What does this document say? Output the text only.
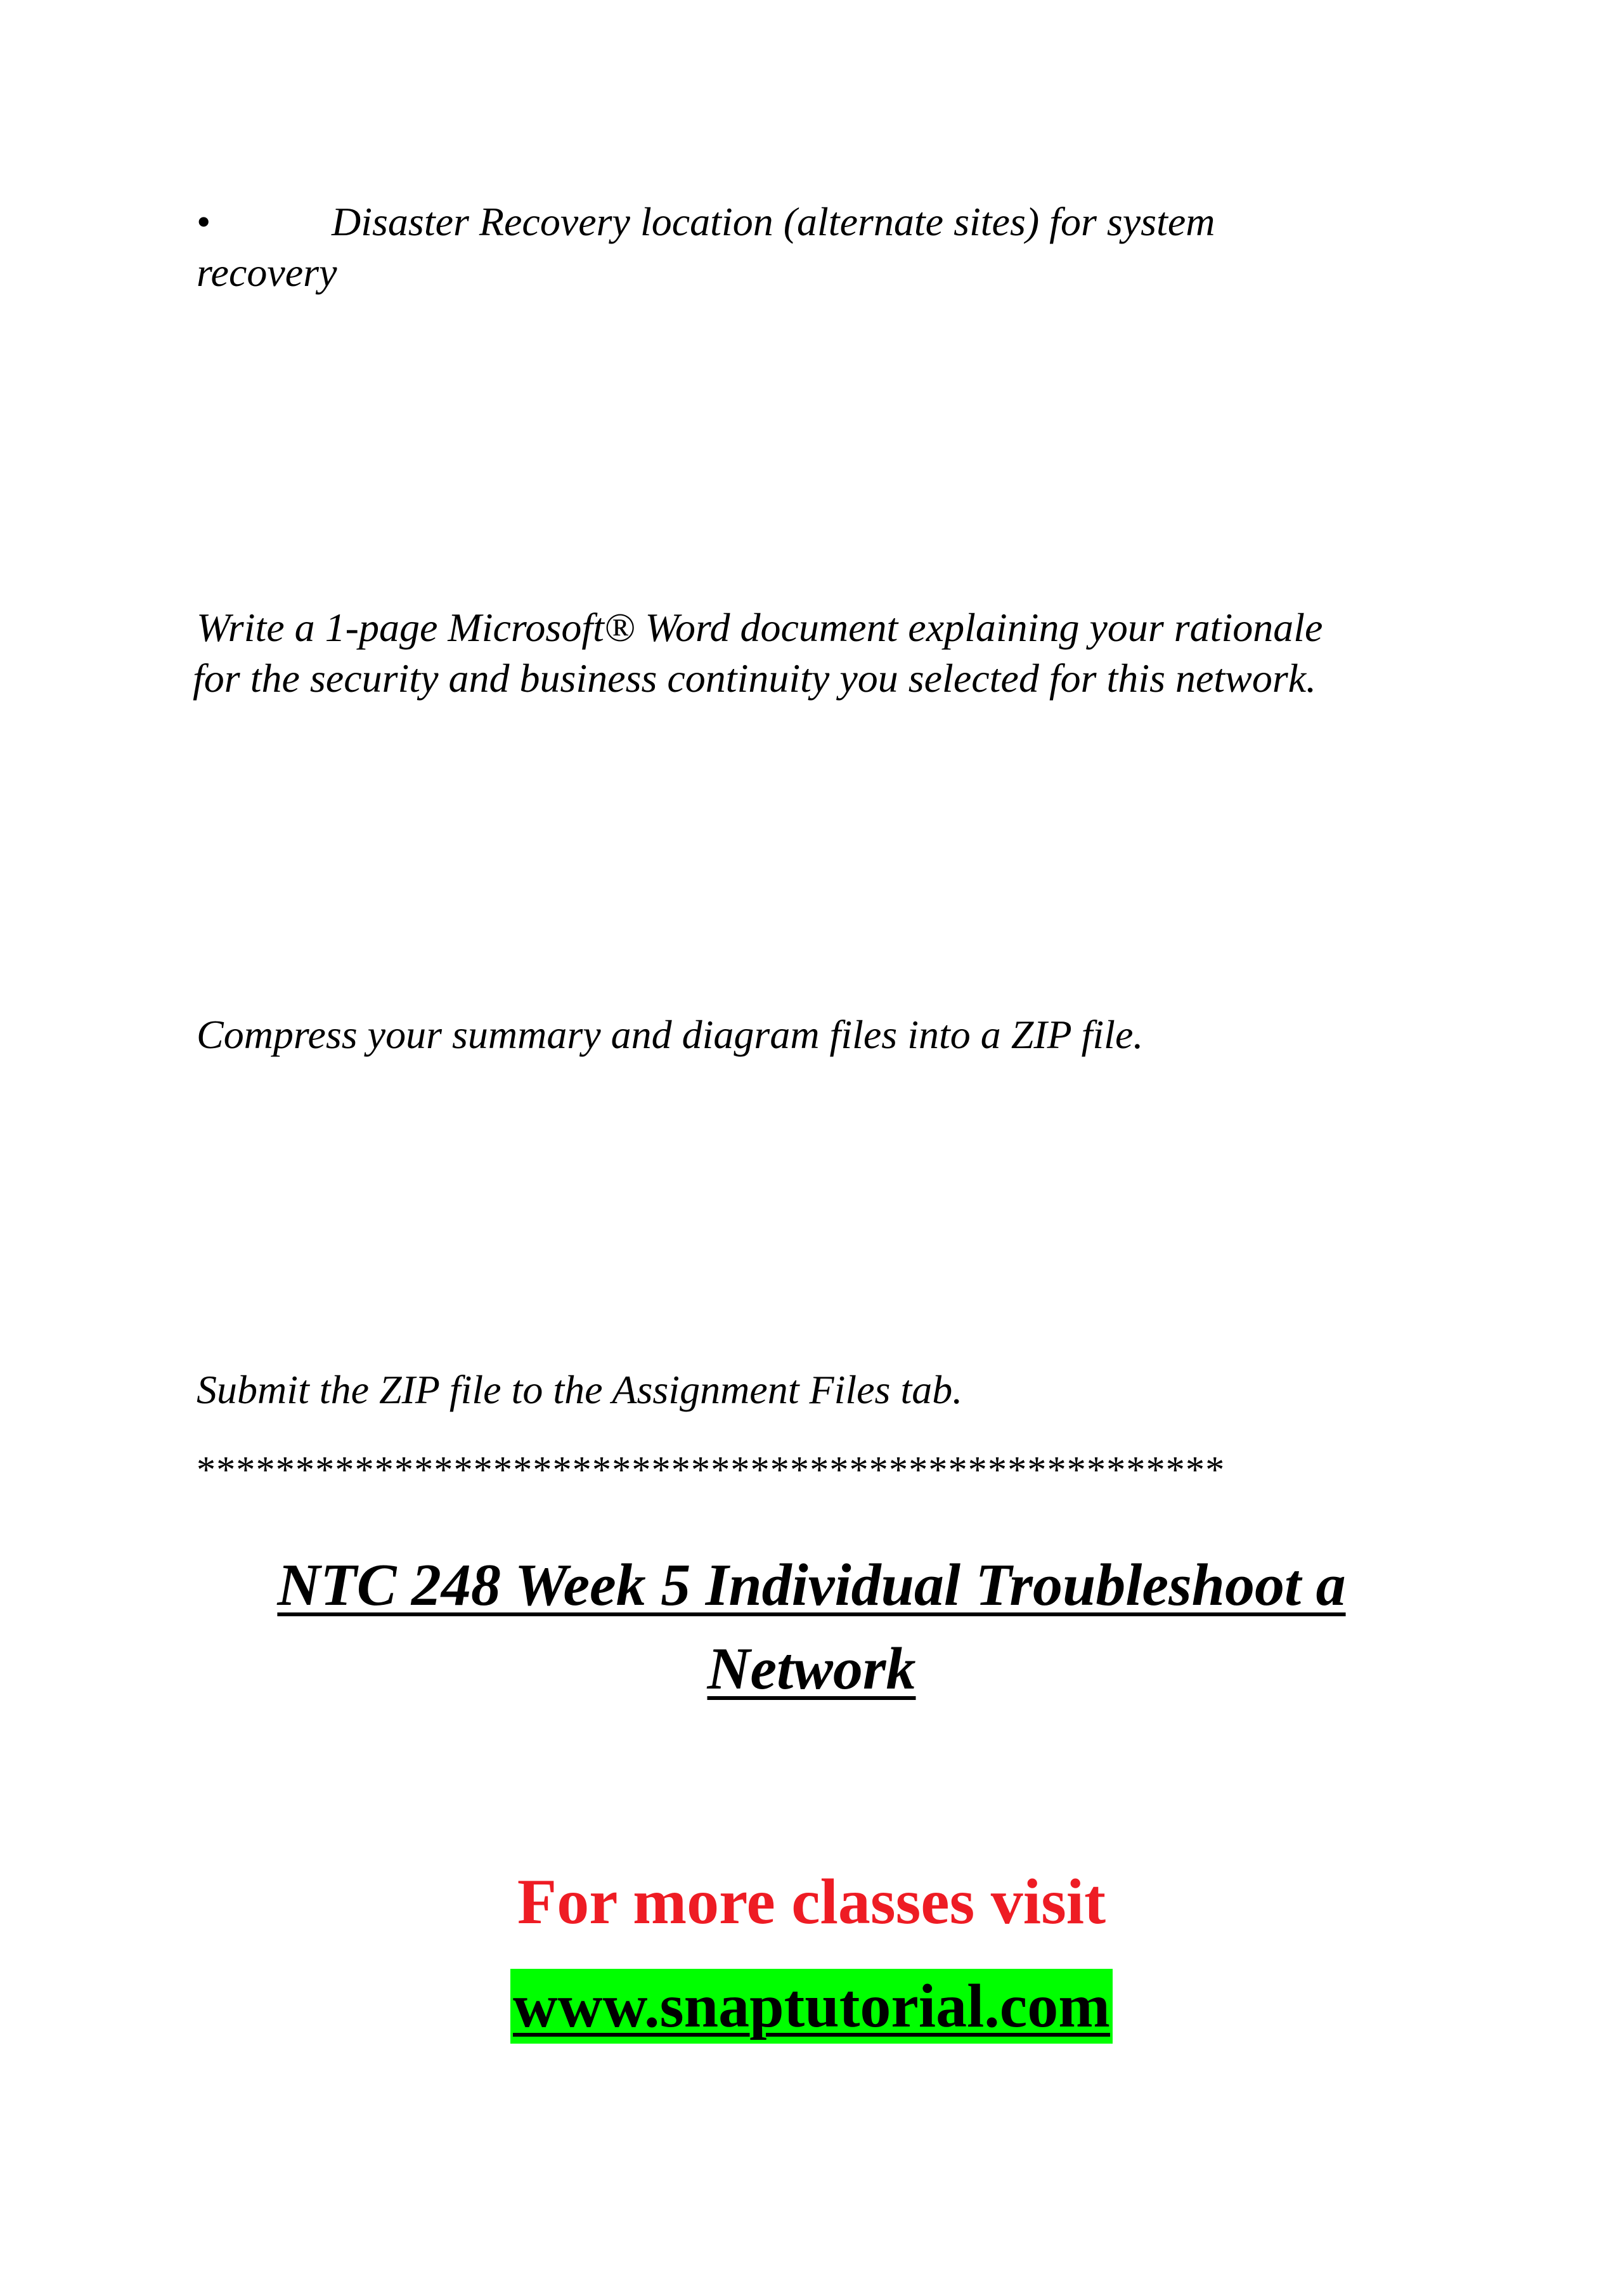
•	Disaster Recovery location (alternate sites) for system

recovery

Write a 1-page Microsoft® Word document explaining your rationale

for the security and business continuity you selected for this network.

Compress your summary and diagram files into a ZIP file.

Submit the ZIP file to the Assignment Files tab.

****************************************************
NTC 248 Week 5 Individual Troubleshoot a
Network
For more classes visit
www.snaptutorial.com
